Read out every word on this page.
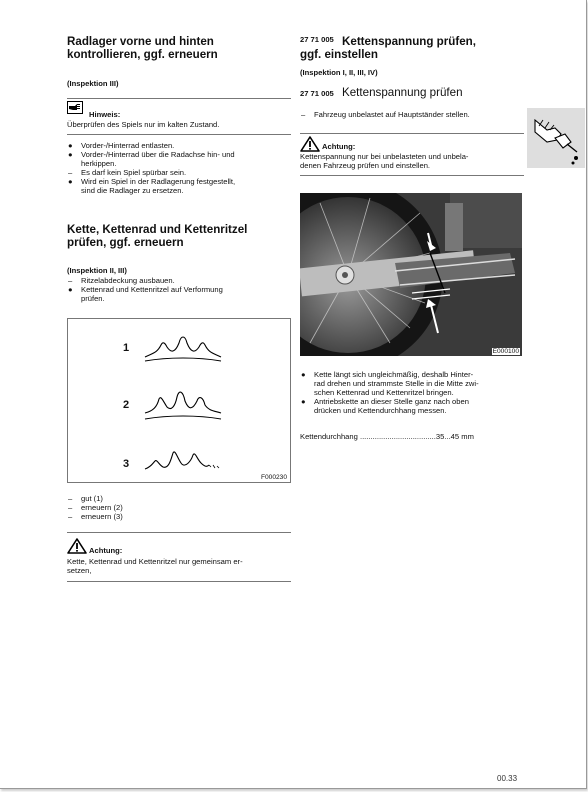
Radlager vorne und hinten
kontrollieren, ggf. erneuern
(Inspektion III)
Hinweis:
Überprüfen des Spiels nur im kalten Zustand.
●	Vorder-/Hinterrad entlasten.
●	Vorder-/Hinterrad über die Radachse hin- und
herkippen.
–	Es darf kein Spiel spürbar sein.
●	Wird ein Spiel in der Radlagerung festgestellt,
sind die Radlager zu ersetzen.
Kette, Kettenrad und Kettenritzel
prüfen, ggf. erneuern
(Inspektion II, III)
–	Ritzelabdeckung ausbauen.
●	Kettenrad und Kettenritzel auf Verformung
prüfen.
1
2
3
F000230
–	gut (1)
–	erneuern (2)
–	erneuern (3)
Achtung:
Kette, Kettenrad und Kettenritzel nur gemeinsam er-
setzen,
27 71 005 Kettenspannung prüfen,
ggf. einstellen
(Inspektion I, II, III, IV)
27 71 005 Kettenspannung prüfen
–	Fahrzeug unbelastet auf Hauptständer stellen.
Achtung:
Kettenspannung nur bei unbelasteten und unbela-
denen Fahrzeug prüfen und einstellen.
E000100
●	Kette längt sich ungleichmäßig, deshalb Hinter-
rad drehen und strammste Stelle in die Mitte zwi-
schen Kettenrad und Kettenritzel bringen.
●	Antriebskette an dieser Stelle ganz nach oben
drücken und Kettendurchhang messen.
Kettendurchhang ....................................35...45 mm
00.33
